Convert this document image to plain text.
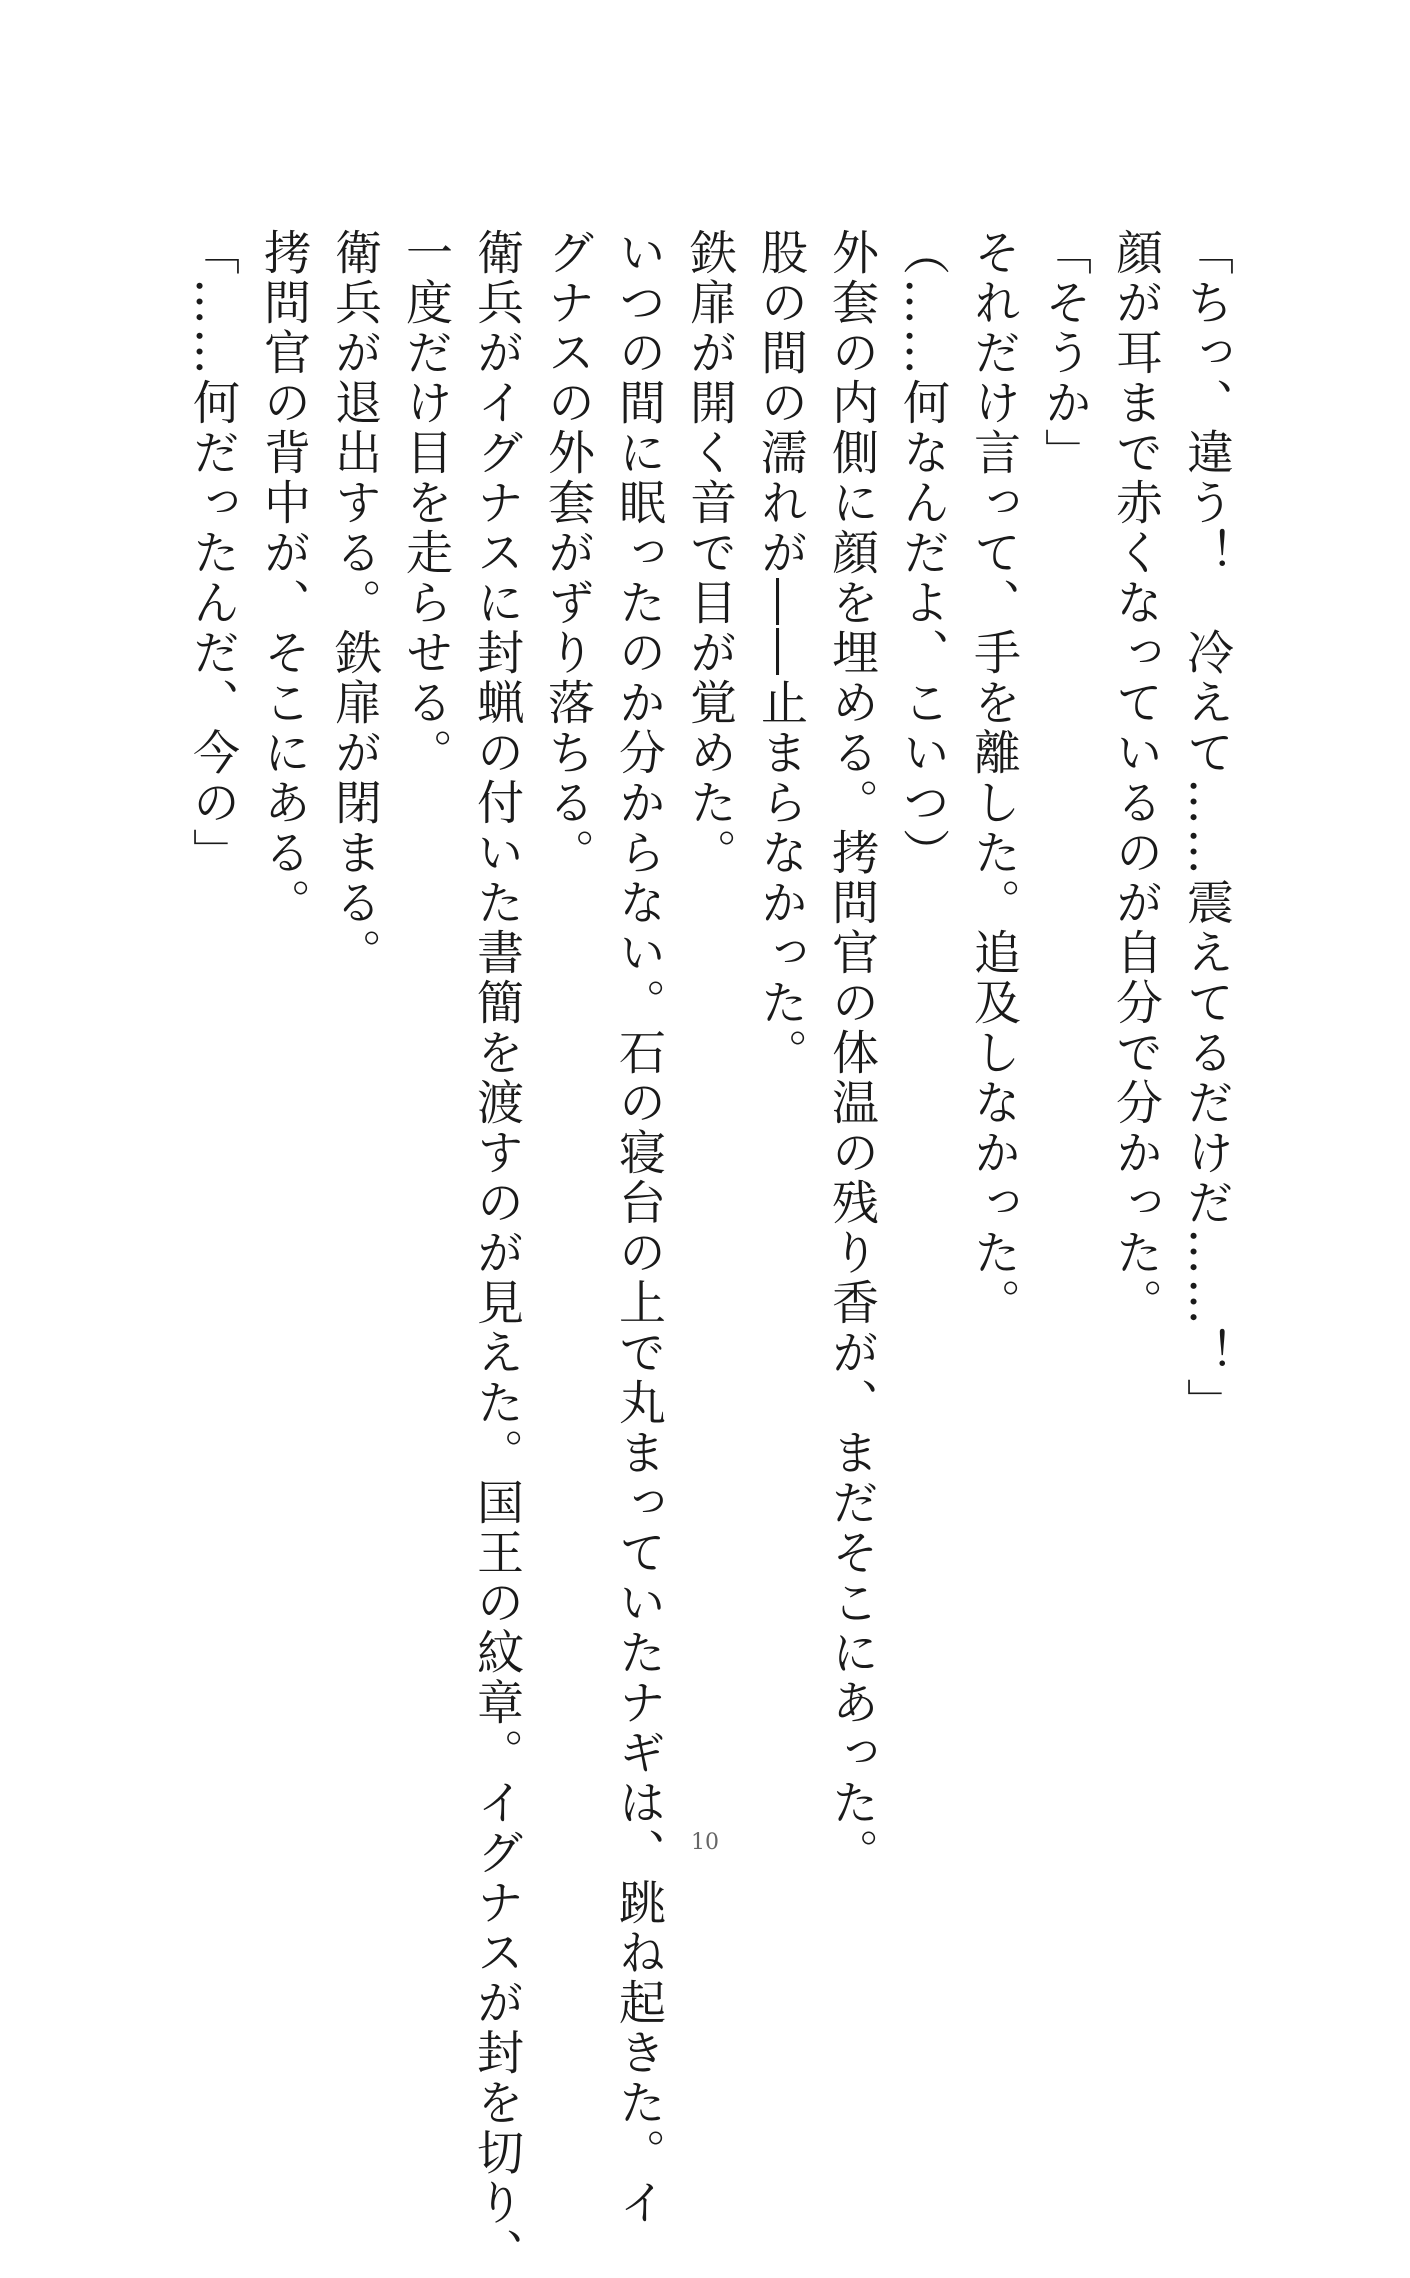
「ちっ、違う！　冷えて……震えてるだけだ……！」
顔が耳まで赤くなっているのが自分で分かった。
「そうか」
それだけ言って、手を離した。追及しなかった。
（……何なんだよ、こいつ）
外套の内側に顔を埋める。拷問官の体温の残り香が、まだそこにあった。
股の間の濡れが――止まらなかった。
鉄扉が開く音で目が覚めた。
いつの間に眠ったのか分からない。石の寝台の上で丸まっていたナギは、跳ね起きた。イ
グナスの外套がずり落ちる。
衛兵がイグナスに封蝋の付いた書簡を渡すのが見えた。国王の紋章。イグナスが封を切り、
一度だけ目を走らせる。
衛兵が退出する。鉄扉が閉まる。
拷問官の背中が、そこにある。
「……何だったんだ、今の」
10
